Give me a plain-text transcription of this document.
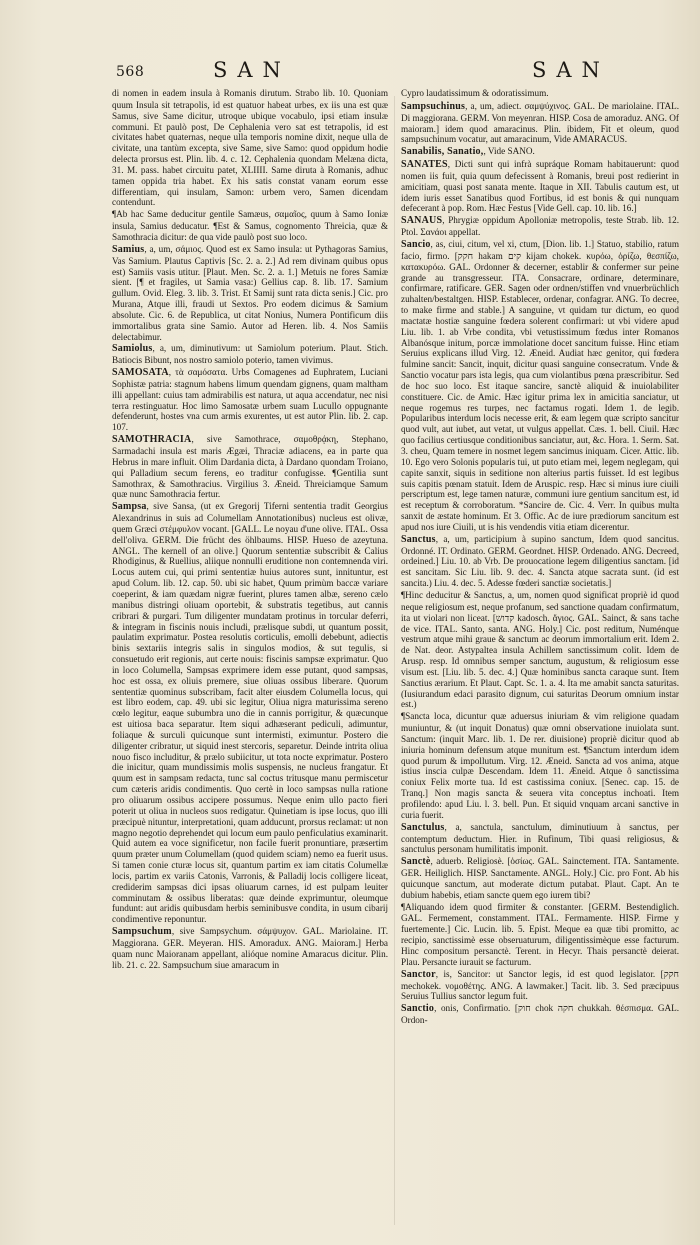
568	SAN	SAN

di nomen in eadem insula à Romanis dirutum. Strabo lib. 10. Quoniam quum Insula sit tetrapolis, id est quatuor habeat urbes, ex iis una est quæ Samus, sive Same dicitur, utroque ubique vocabulo, ipsi etiam insulæ communi. Et paulò post, De Cephalenia vero sat est tetrapolis, id est civitates habet quaternas, neque ulla temporis nomine dixit, neque ulla de civitate, una tantùm excepta, sive Same, sive Samo: quod oppidum hodie delecta prorsus est. Plin. lib. 4. c. 12. Cephalenia quondam Melæna dicta, 31. M. pass. habet circuitu patet, XLIIII. Same diruta à Romanis, adhuc tamen oppida tria habet. Ex his satis constat vanam eorum esse differentiam, qui insulam, Samon: urbem vero, Samen dicendam contendunt.

¶Ab hac Same deducitur gentile Samæus, σαμαῖος, quum à Samo Ioniæ insula, Samius deducatur. ¶Est & Samus, cognomento Threicia, quæ & Samothracia dicitur: de qua vide paulò post suo loco.

Samius, a, um, σάμιος. Quod est ex Samo insula: ut Pythagoras Samius, Vas Samium. Plautus Captivis [Sc. 2. a. 2.] Ad rem divinam quibus opus est) Samiis vasis utitur. [Plaut. Men. Sc. 2. a. 1.] Metuis ne fores Samiæ sient. [¶ et fragiles, ut Samia vasa:) Gellius cap. 8. lib. 17. Samium gullum. Ovid. Eleg. 3. lib. 3. Trist. Et Samij sunt rata dicta senis.] Cic. pro Murana, Atque illi, fraudi ut Sextos. Pro eodem dicimus & Samium absolute. Cic. 6. de Republica, ut citat Nonius, Numera Pontificum diis immortalibus grata sine Samio. Autor ad Heren. lib. 4. Nos Samiis delectabimur.

Samiolus, a, um, diminutivum: ut Samiolum poterium. Plaut. Stich. Batiocis Bibunt, nos nostro samiolo poterio, tamen vivimus.

SAMOSATA, τὰ σαμόσατα. Urbs Comagenes ad Euphratem, Luciani Sophistæ patria: stagnum habens limum quendam gignens, quam maltham illi appellant: cuius tam admirabilis est natura, ut aqua accendatur, nec nisi terra restinguatur. Hoc limo Samosatæ urbem suam Lucullo oppugnante defenderunt, hostes vna cum armis exurentes, ut est autor Plin. lib. 2. cap. 107.

SAMOTHRACIA, sive Samothrace, σαμοθρᾴκη, Stephano, Sarmadachi insula est maris Ægæi, Thraciæ adiacens, ea in parte qua Hebrus in mare influit. Olim Dardania dicta, à Dardano quondam Troiano, qui Palladium secum ferens, eo traditur confugisse. ¶Gentilia sunt Samothrax, & Samothracius. Virgilius 3. Æneid. Threiciamque Samum quæ nunc Samothracia fertur.

Sampsa, sive Sansa, (ut ex Gregorij Tiferni sententia tradit Georgius Alexandrinus in suis ad Columellam Annotationibus) nucleus est olivæ, quem Græci στέμφυλον vocant. [GALL. Le noyau d'une olive. ITAL. Ossa dell'oliva. GERM. Die frücht des öhlbaums. HISP. Hueso de azeytuna. ANGL. The kernell of an olive.] Quorum sententiæ subscribit & Calius Rhodiginus, & Ruellius, aliique nonnulli eruditione non contemnenda viri. Locus autem cui, qui primi sententiæ huius autores sunt, innituntur, est apud Colum. lib. 12. cap. 50. ubi sic habet, Quum primùm baccæ variare coeperint, & iam quædam nigræ fuerint, plures tamen albæ, sereno cælo manibus distringi oliuam oportebit, & substratis tegetibus, aut cannis cribrari & purgari. Tum diligenter mundatam protinus in torcular deferri, & integram in fiscinis nouis includi, prælisque subdi, ut quantum possit, paulatim exprimatur. Postea resolutis corticulis, emolli debebunt, adiectis binis sextariis integris salis in singulos modios, & sut tegulis, si consuetudo erit regionis, aut certe nouis: fiscinis sampsæ exprimatur. Quo in loco Columella, Sampsas exprimere idem esse putant, quod sampsas, hoc est ossa, ex oliuis premere, siue oliuas ossibus liberare. Quorum sententiæ quominus subscribam, facit alter eiusdem Columella locus, qui est libro eodem, cap. 49. ubi sic legitur, Oliua nigra maturissima sereno cœlo legitur, eaque subumbra uno die in cannis porrigitur, & quæcunque est uitiosa baca separatur. Item siqui adhæserant pediculi, adimuntur, foliaque & surculi quicunque sunt intermisti, eximuntur. Postero die diligenter cribratur, ut siquid inest stercoris, separetur. Deinde intrita oliua nouo fisco includitur, & prælo subiicitur, ut tota nocte exprimatur. Postero die inicitur, quam mundissimis molis suspensis, ne nucleus frangatur. Et quum est in sampsam redacta, tunc sal coctus tritusque manu permiscetur cum cæteris aridis condimentis. Quo certè in loco sampsas nulla ratione pro oliuarum ossibus accipere possumus. Neque enim ullo pacto fieri poterit ut oliua in nucleos suos redigatur. Quinetiam is ipse locus, quo illi præcipuè nituntur, interpretationi, quam adducunt, prorsus reclamat: ut non magno negotio deprehendet qui locum eum paulo penficulatius examinarit. Quid autem ea voce significetur, non facile fuerit pronuntiare, præsertim quum præter unum Columellam (quod quidem sciam) nemo ea fuerit usus. Si tamen conie cturæ locus sit, quantum partim ex iam citatis Columellæ locis, partim ex variis Catonis, Varronis, & Palladij locis colligere liceat, crediderim sampsas dici ipsas oliuarum carnes, id est pulpam leuiter comminutam & ossibus liberatas: quæ deinde exprimuntur, oleumque fundunt: aut aridis quibusdam herbis seminibusve condita, in usum cibarij condimentive reponuntur.

Sampsuchum, sive Sampsychum. σάμψυχον. GAL. Mariolaine. IT. Maggiorana. GER. Meyeran. HIS. Amoradux. ANG. Maioram.] Herba quam nunc Maioranam appellant, alióque nomine Amaracus dicitur. Plin. lib. 21. c. 22. Sampsuchum siue amaracum in

Cypro laudatissimum & odoratissimum.

Sampsuchinus, a, um, adiect. σαμψύχινος. GAL. De mariolaine. ITAL. Di maggiorana. GERM. Von meyenran. HISP. Cosa de amoraduz. ANG. Of maioram.] idem quod amaracinus. Plin. ibidem, Fit et oleum, quod sampsuchinum vocatur, aut amaracinum, Vide AMARACUS.

Sanabilis, Sanatio,, Vide SANO.

SANATES, Dicti sunt qui infrà supráque Romam habitauerunt: quod nomen iis fuit, quia quum defecissent à Romanis, breui post redierint in amicitiam, quasi post sanata mente. Itaque in XII. Tabulis cautum est, ut idem iuris esset Sanatibus quod Fortibus, id est bonis & qui nunquam defecerant à pop. Rom. Hæc Festus [Vide Gell. cap. 10. lib. 16.]

SANAUS, Phrygiæ oppidum Apolloniæ metropolis, teste Strab. lib. 12. Ptol. Σανάοι appellat.

Sancio, as, ciui, citum, vel xi, ctum, [Dion. lib. 1.] Statuo, stabilio, ratum facio, firmo. [חקק hakam קים kijam chokek. κυρόω, ὁρίζω, θεσπίζω, κατακυρόω. GAL. Ordonner & decerner, establir & confermer sur peine grande au transgresseur. ITA. Consacrare, ordinare, determinare, confirmare, ratificare. GER. Sagen oder ordnen/stiffen vnd vnuerbrüchlich zuhalten/bestaltgen. HISP. Establecer, ordenar, confagrar. ANG. To decree, to make firme and stable.] A sanguine, vt quidam tur dictum, eo quod mactatæ hostiæ sanguine fœdera solerent confirmari: ut vbi videre apud Liu. lib. 1. ab Vrbe condita, vbi vetustissimum fœdus inter Romanos Albanósque initum, porcæ immolatione docet sancitum fuisse. Hinc etiam Seruius explicans illud Virg. 12. Æneid. Audiat hæc genitor, qui fœdera fulmine sancit: Sancit, inquit, dicitur quasi sanguine consecratum. Vnde & Sanctio vocatur pars ista legis, qua cum violantibus pœna præscribitur. Sed de hoc suo loco. Est itaque sancire, sanctè aliquid & inuiolabiliter constituere. Cic. de Amic. Hæc igitur prima lex in amicitia sanciatur, ut neque rogemus res turpes, nec factamus rogati. Idem 1. de legib. Popularibus interdum locis necesse erit, & eam legem quæ scripto sancitur quod vult, aut iubet, aut vetat, ut vulgus appellat. Cæs. 1. bell. Ciuil. Hæc quo facilius certiusque conditionibus sanciatur, aut, &c. Hora. 1. Serm. Sat. 3. cheu, Quam temere in nosmet legem sancimus iniquam. Cicer. Attic. lib. 10. Ego vero Solonis popularis tui, ut puto etiam mei, legem neglegam, qui capite sanxit, siquis in seditione non alterius partis fuisset. Id est legibus suis capitis pœnam statuit. Idem de Aruspic. resp. Hæc si minus iure ciuili perscriptum est, lege tamen naturæ, communi iure gentium sancitum est, id est receptum & corroboratum. *Sancire de. Cic. 4. Verr. In quibus multa sanxit de æstate hominum. Et 3. Offic. Ac de iure prædiorum sancitum est apud nos iure Ciuili, ut is his vendendis vitia etiam dicerentur.

Sanctus, a, um, participium à supino sanctum, Idem quod sancitus. Ordonné. IT. Ordinato. GERM. Geordnet. HISP. Ordenado. ANG. Decreed, ordeined.] Liu. 10. ab Vrb. De prouocatione legem diligentius sanctam. [id est sancitam. Sic Liu. lib. 9. dec. 4. Sancta atque sacrata sunt. (id est sancita.) Liu. 4. dec. 5. Adesse fœderi sanctiæ societatis.]

¶Hinc deducitur & Sanctus, a, um, nomen quod significat propriè id quod neque religiosum est, neque profanum, sed sanctione quadam confirmatum, ita ut violari non liceat. [קדוש kadosch. ἅγιος. GAL. Sainct, & sans tache de vice. ITAL. Santo, santa. ANG. Holy.] Cic. post reditum, Numénque vestrum atque mihi graue & sanctum ac deorum immortalium erit. Idem 2. de Nat. deor. Astypaltea insula Achillem sanctissimum colit. Idem de Arusp. resp. Id omnibus semper sanctum, augustum, & religiosum esse visum est. [Liu. lib. 5. dec. 4.] Quæ hominibus sancta caraque sunt. Item Sanctius ærarium. Et Plaut. Capt. Sc. 1. a. 4. Ita me amabit sancta saturitas. (Iusiurandum edaci parasito dignum, cui saturitas Deorum omnium instar est.)

¶Sancta loca, dicuntur quæ aduersus iniuriam & vim religione quadam muniuntur, & (ut inquit Donatus) quæ omni observatione inuiolata sunt. Sanctum: (inquit Marc. lib. 1. De rer. diuisione) propriè dicitur quod ab iniuria hominum defensum atque munitum est. ¶Sanctum interdum idem quod purum & impollutum. Virg. 12. Æneid. Sancta ad vos anima, atque istius inscia culpæ Descendam. Idem 11. Æneid. Atque ô sanctissima coniux Felix morte tua. Id est castissima coniux. [Senec. cap. 15. de Tranq.] Non magis sancta & seuera vita conceptus inchoati. Item profilendo: apud Liu. l. 3. bell. Pun. Et siquid vnquam arcani sanctive in curia fuerit.

Sanctulus, a, sanctula, sanctulum, diminutiuum à sanctus, per contemptum deductum. Hier. in Rufinum, Tibi quasi religiosus, & sanctulus personam humilitatis imponit.

Sanctè, aduerb. Religiosè. [ὁσίως. GAL. Sainctement. ITA. Santamente. GER. Heiliglich. HISP. Sanctamente. ANGL. Holy.] Cic. pro Font. Ab his quicunque sanctum, aut moderate dictum putabat. Plaut. Capt. An te dubium habebis, etiam sancte quem ego iurem tibi?

¶Aliquando idem quod firmiter & constanter. [GERM. Bestendiglich. GAL. Fermement, constamment. ITAL. Fermamente. HISP. Firme y fuertemente.] Cic. Lucin. lib. 5. Epist. Meque ea quæ tibi promitto, ac recipio, sanctissimè esse obseruaturum, diligentissimèque esse facturum. Hinc compositum persanctè. Terent. in Hecyr. Thais persanctè deierat. Plau. Persancte iurauit se facturum.

Sanctor, is, Sancitor: ut Sanctor legis, id est quod legislator. [חקק mechokek. νομοθέτης. ANG. A lawmaker.] Tacit. lib. 3. Sed præcipuus Seruius Tullius sanctor legum fuit.

Sanctio, onis, Confirmatio. [חוק chok חקה chukkah. θέσπισμα. GAL. Ordon-
